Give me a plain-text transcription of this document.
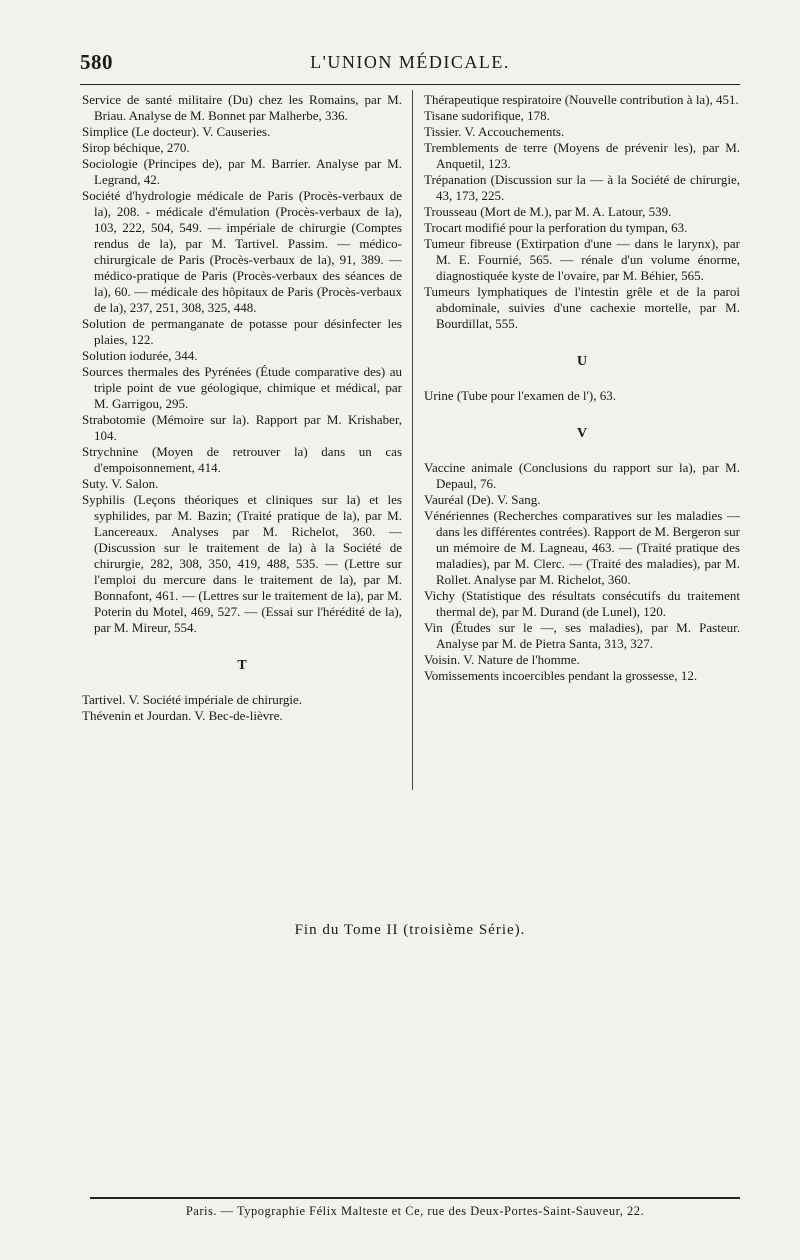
580	L'UNION MÉDICALE.

Service de santé militaire (Du) chez les Romains, par M. Briau. Analyse de M. Bonnet par Malherbe, 336.

Simplice (Le docteur). V. Causeries.

Sirop béchique, 270.

Sociologie (Principes de), par M. Barrier. Analyse par M. Legrand, 42.

Société d'hydrologie médicale de Paris (Procès-verbaux de la), 208. - médicale d'émulation (Procès-verbaux de la), 103, 222, 504, 549. — impériale de chirurgie (Comptes rendus de la), par M. Tartivel. Passim. — médico-chirurgicale de Paris (Procès-verbaux de la), 91, 389. — médico-pratique de Paris (Procès-verbaux des séances de la), 60. — médicale des hôpitaux de Paris (Procès-verbaux de la), 237, 251, 308, 325, 448.

Solution de permanganate de potasse pour désinfecter les plaies, 122.

Solution iodurée, 344.

Sources thermales des Pyrénées (Étude comparative des) au triple point de vue géologique, chimique et médical, par M. Garrigou, 295.

Strabotomie (Mémoire sur la). Rapport par M. Krishaber, 104.

Strychnine (Moyen de retrouver la) dans un cas d'empoisonnement, 414.

Suty. V. Salon.

Syphilis (Leçons théoriques et cliniques sur la) et les syphilides, par M. Bazin; (Traité pratique de la), par M. Lancereaux. Analyses par M. Richelot, 360. — (Discussion sur le traitement de la) à la Société de chirurgie, 282, 308, 350, 419, 488, 535. — (Lettre sur l'emploi du mercure dans le traitement de la), par M. Bonnafont, 461. — (Lettres sur le traitement de la), par M. Poterin du Motel, 469, 527. — (Essai sur l'hérédité de la), par M. Mireur, 554.

T

Tartivel. V. Société impériale de chirurgie.

Thévenin et Jourdan. V. Bec-de-lièvre.

Thérapeutique respiratoire (Nouvelle contribution à la), 451.

Tisane sudorifique, 178.

Tissier. V. Accouchements.

Tremblements de terre (Moyens de prévenir les), par M. Anquetil, 123.

Trépanation (Discussion sur la — à la Société de chirurgie, 43, 173, 225.

Trousseau (Mort de M.), par M. A. Latour, 539.

Trocart modifié pour la perforation du tympan, 63.

Tumeur fibreuse (Extirpation d'une — dans le larynx), par M. E. Fournié, 565. — rénale d'un volume énorme, diagnostiquée kyste de l'ovaire, par M. Béhier, 565.

Tumeurs lymphatiques de l'intestin grêle et de la paroi abdominale, suivies d'une cachexie mortelle, par M. Bourdillat, 555.

U

Urine (Tube pour l'examen de l'), 63.

V

Vaccine animale (Conclusions du rapport sur la), par M. Depaul, 76.

Vauréal (De). V. Sang.

Vénériennes (Recherches comparatives sur les maladies — dans les différentes contrées). Rapport de M. Bergeron sur un mémoire de M. Lagneau, 463. — (Traité pratique des maladies), par M. Clerc. — (Traité des maladies), par M. Rollet. Analyse par M. Richelot, 360.

Vichy (Statistique des résultats consécutifs du traitement thermal de), par M. Durand (de Lunel), 120.

Vin (Études sur le —, ses maladies), par M. Pasteur. Analyse par M. de Pietra Santa, 313, 327.

Voisin. V. Nature de l'homme.

Vomissements incoercibles pendant la grossesse, 12.

Fin du Tome II (troisième Série).
Paris. — Typographie Félix Malteste et Ce, rue des Deux-Portes-Saint-Sauveur, 22.
